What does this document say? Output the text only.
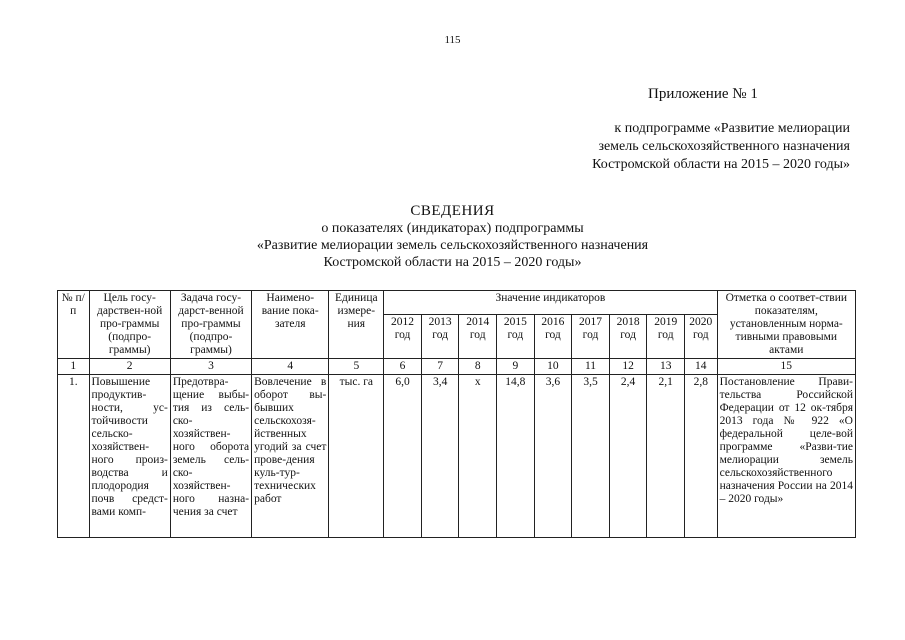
115
Приложение № 1
к подпрограмме «Развитие мелиорации
земель сельскохозяйственного назначения
Костромской области на 2015 – 2020 годы»
СВЕДЕНИЯ
о показателях (индикаторах) подпрограммы
«Развитие мелиорации земель сельскохозяйственного назначения
Костромской области на 2015 – 2020 годы»
№ п/п	Цель госу-дарствен-ной про-граммы (подпро-граммы)	Задача госу-дарст-венной про-граммы (подпро-граммы)	Наимено-вание пока-зателя	Единица измере-ния	Значение индикаторов									Отметка о соответ-ствии показателям, установленным норма-тивными правовыми актами
					2012 год	2013 год	2014 год	2015 год	2016 год	2017 год	2018 год	2019 год	2020 год	
1	2	3	4	5	6	7	8	9	10	11	12	13	14	15
1.	Повышение продуктив-ности, ус-тойчивости сельско-хозяйствен-ного произ-водства и плодородия почв средст-вами комп-	Предотвра-щение выбы-тия из сель-ско-хозяйствен-ного оборота земель сель-ско-хозяйствен-ного назна-чения за счет	Вовлечение в оборот вы-бывших сельскохозя-йственных угодий за счет прове-дения куль-тур-технических работ	тыс. га	6,0	3,4	х	14,8	3,6	3,5	2,4	2,1	2,8	Постановление Прави-тельства Российской Федерации от 12 ок-тября 2013 года № 922 «О федеральной целе-вой программе «Разви-тие мелиорации земель сельскохозяйственного назначения России на 2014 – 2020 годы»
